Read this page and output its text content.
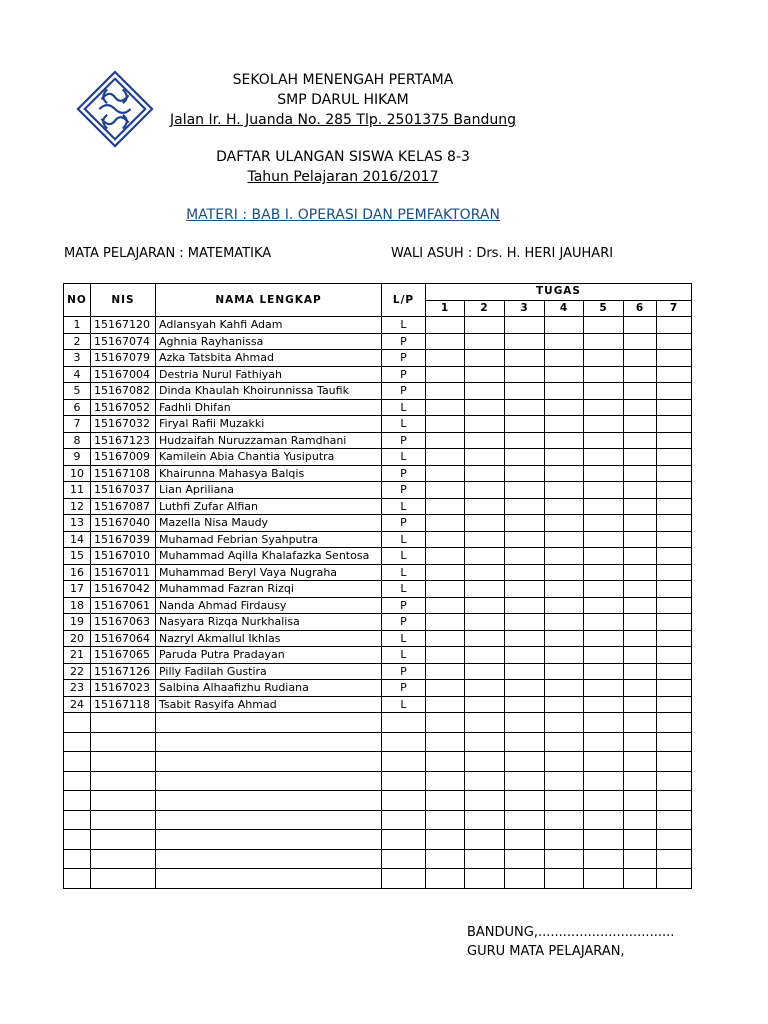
SEKOLAH MENENGAH PERTAMA
SMP DARUL HIKAM
Jalan Ir. H. Juanda No. 285 Tlp. 2501375 Bandung
DAFTAR ULANGAN SISWA KELAS 8-3
Tahun Pelajaran 2016/2017
MATERI : BAB I. OPERASI DAN PEMFAKTORAN
MATA PELAJARAN : MATEMATIKA	WALI ASUH : Drs. H. HERI JAUHARI
NO	NIS	NAMA LENGKAP	L/P	TUGAS						
				1	2	3	4	5	6	7
1	15167120	Adlansyah Kahfi Adam	L							
2	15167074	Aghnia Rayhanissa	P							
3	15167079	Azka Tatsbita Ahmad	P							
4	15167004	Destria Nurul Fathiyah	P							
5	15167082	Dinda Khaulah Khoirunnissa Taufik	P							
6	15167052	Fadhli Dhifan	L							
7	15167032	Firyal Rafii Muzakki	L							
8	15167123	Hudzaifah Nuruzzaman Ramdhani	P							
9	15167009	Kamilein Abia Chantia Yusiputra	L							
10	15167108	Khairunna Mahasya Balqis	P							
11	15167037	Lian Apriliana	P							
12	15167087	Luthfi Zufar Alfian	L							
13	15167040	Mazella Nisa Maudy	P							
14	15167039	Muhamad Febrian Syahputra	L							
15	15167010	Muhammad Aqilla Khalafazka Sentosa	L							
16	15167011	Muhammad Beryl Vaya Nugraha	L							
17	15167042	Muhammad Fazran Rizqi	L							
18	15167061	Nanda Ahmad Firdausy	P							
19	15167063	Nasyara Rizqa Nurkhalisa	P							
20	15167064	Nazryl Akmallul Ikhlas	L							
21	15167065	Paruda Putra Pradayan	L							
22	15167126	Pilly Fadilah Gustira	P							
23	15167023	Salbina Alhaafizhu Rudiana	P							
24	15167118	Tsabit Rasyifa Ahmad	L							

BANDUNG,.................................
GURU MATA PELAJARAN,
